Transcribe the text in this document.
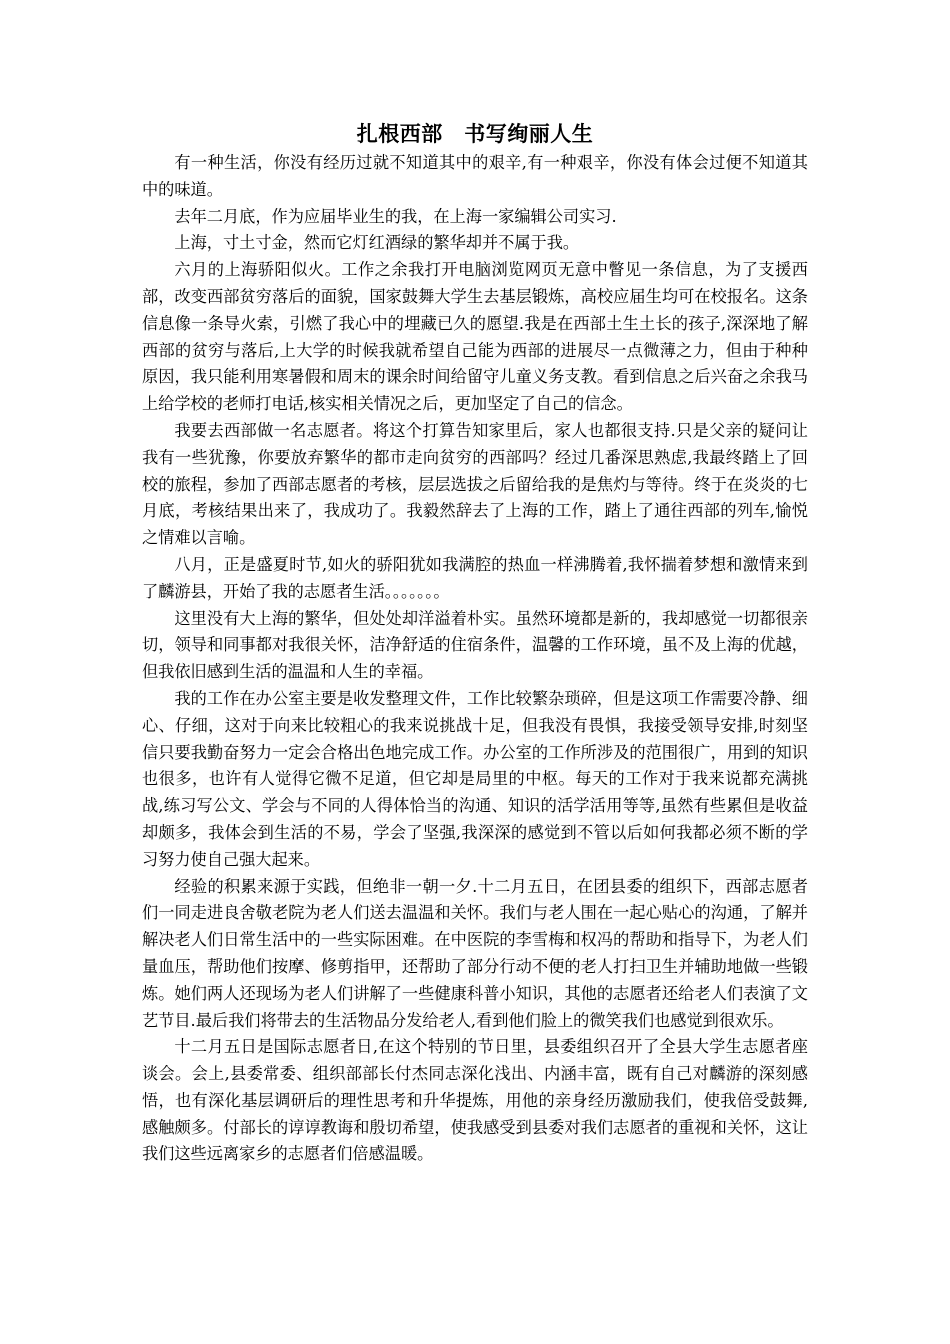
扎根西部　书写绚丽人生

有一种生活，你没有经历过就不知道其中的艰辛,有一种艰辛，你没有体会过便不知道其中的味道。

去年二月底，作为应届毕业生的我，在上海一家编辑公司实习.

上海，寸土寸金，然而它灯红酒绿的繁华却并不属于我。

六月的上海骄阳似火。工作之余我打开电脑浏览网页无意中瞥见一条信息，为了支援西部，改变西部贫穷落后的面貌，国家鼓舞大学生去基层锻炼，高校应届生均可在校报名。这条信息像一条导火索，引燃了我心中的埋藏已久的愿望.我是在西部土生土长的孩子,深深地了解西部的贫穷与落后,上大学的时候我就希望自己能为西部的进展尽一点微薄之力，但由于种种原因，我只能利用寒暑假和周末的课余时间给留守儿童义务支教。看到信息之后兴奋之余我马上给学校的老师打电话,核实相关情况之后，更加坚定了自己的信念。

我要去西部做一名志愿者。将这个打算告知家里后，家人也都很支持.只是父亲的疑问让我有一些犹豫，你要放弃繁华的都市走向贫穷的西部吗？经过几番深思熟虑,我最终踏上了回校的旅程，参加了西部志愿者的考核，层层选拔之后留给我的是焦灼与等待。终于在炎炎的七月底，考核结果出来了，我成功了。我毅然辞去了上海的工作，踏上了通往西部的列车,愉悦之情难以言喻。

八月，正是盛夏时节,如火的骄阳犹如我满腔的热血一样沸腾着,我怀揣着梦想和激情来到了麟游县，开始了我的志愿者生活。。。。。。。

这里没有大上海的繁华，但处处却洋溢着朴实。虽然环境都是新的，我却感觉一切都很亲切，领导和同事都对我很关怀，洁净舒适的住宿条件，温馨的工作环境，虽不及上海的优越，但我依旧感到生活的温温和人生的幸福。

我的工作在办公室主要是收发整理文件，工作比较繁杂琐碎，但是这项工作需要冷静、细心、仔细，这对于向来比较粗心的我来说挑战十足，但我没有畏惧，我接受领导安排,时刻坚信只要我勤奋努力一定会合格出色地完成工作。办公室的工作所涉及的范围很广，用到的知识也很多，也许有人觉得它微不足道，但它却是局里的中枢。每天的工作对于我来说都充满挑战,练习写公文、学会与不同的人得体恰当的沟通、知识的活学活用等等,虽然有些累但是收益却颇多，我体会到生活的不易，学会了坚强,我深深的感觉到不管以后如何我都必须不断的学习努力使自己强大起来。

经验的积累来源于实践，但绝非一朝一夕.十二月五日，在团县委的组织下，西部志愿者们一同走进良舍敬老院为老人们送去温温和关怀。我们与老人围在一起心贴心的沟通，了解并解决老人们日常生活中的一些实际困难。在中医院的李雪梅和权冯的帮助和指导下，为老人们量血压，帮助他们按摩、修剪指甲，还帮助了部分行动不便的老人打扫卫生并辅助地做一些锻炼。她们两人还现场为老人们讲解了一些健康科普小知识，其他的志愿者还给老人们表演了文艺节目.最后我们将带去的生活物品分发给老人,看到他们脸上的微笑我们也感觉到很欢乐。

十二月五日是国际志愿者日,在这个特别的节日里，县委组织召开了全县大学生志愿者座谈会。会上,县委常委、组织部部长付杰同志深化浅出、内涵丰富，既有自己对麟游的深刻感悟，也有深化基层调研后的理性思考和升华提炼，用他的亲身经历激励我们，使我倍受鼓舞,感触颇多。付部长的谆谆教诲和殷切希望，使我感受到县委对我们志愿者的重视和关怀，这让我们这些远离家乡的志愿者们倍感温暖。
